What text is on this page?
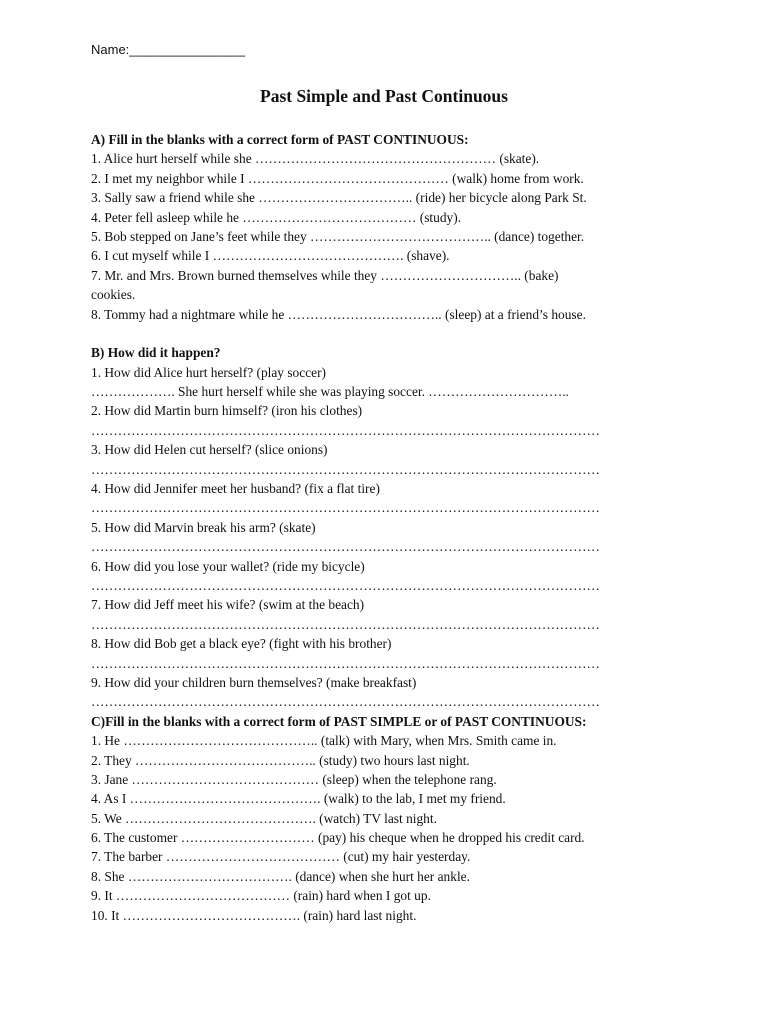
Name:________________
Past Simple and Past Continuous
A) Fill in the blanks with a correct form of PAST CONTINUOUS:
1. Alice hurt herself while she ……………………………………………… (skate).
2. I met my neighbor while I ……………………………………… (walk) home from work.
3. Sally saw a friend while she …………………………….. (ride) her bicycle along Park St.
4. Peter fell asleep while he ………………………………… (study).
5. Bob stepped on Jane’s feet while they ………………………………….. (dance) together.
6. I cut myself while I ……………………………………. (shave).
7. Mr. and Mrs. Brown burned themselves while they ………………………….. (bake)
cookies.
8. Tommy had a nightmare while he …………………………….. (sleep) at a friend’s house.
B) How did it happen?
1. How did Alice hurt herself? (play soccer)
………………. She hurt herself while she was playing soccer. …………………………..
2. How did Martin burn himself? (iron his clothes)
……………………………………………………………………………………………………
3. How did Helen cut herself? (slice onions)
……………………………………………………………………………………………………
4. How did Jennifer meet her husband? (fix a flat tire)
……………………………………………………………………………………………………
5. How did Marvin break his arm? (skate)
……………………………………………………………………………………………………
6. How did you lose your wallet? (ride my bicycle)
……………………………………………………………………………………………………
7. How did Jeff meet his wife? (swim at the beach)
……………………………………………………………………………………………………
8. How did Bob get a black eye? (fight with his brother)
……………………………………………………………………………………………………
9. How did your children burn themselves? (make breakfast)
……………………………………………………………………………………………………
C)Fill in the blanks with a correct form of PAST SIMPLE or of PAST CONTINUOUS:
1. He …………………………………….. (talk) with Mary, when Mrs. Smith came in.
2. They ………………………………….. (study) two hours last night.
3. Jane …………………………………… (sleep) when the telephone rang.
4. As I ……………………………………. (walk) to the lab, I met my friend.
5. We ……………………………………. (watch) TV last night.
6. The customer ………………………… (pay) his cheque when he dropped his credit card.
7. The barber ………………………………… (cut) my hair yesterday.
8. She ………………………………. (dance) when she hurt her ankle.
9. It ………………………………… (rain) hard when I got up.
10. It …………………………………. (rain) hard last night.
